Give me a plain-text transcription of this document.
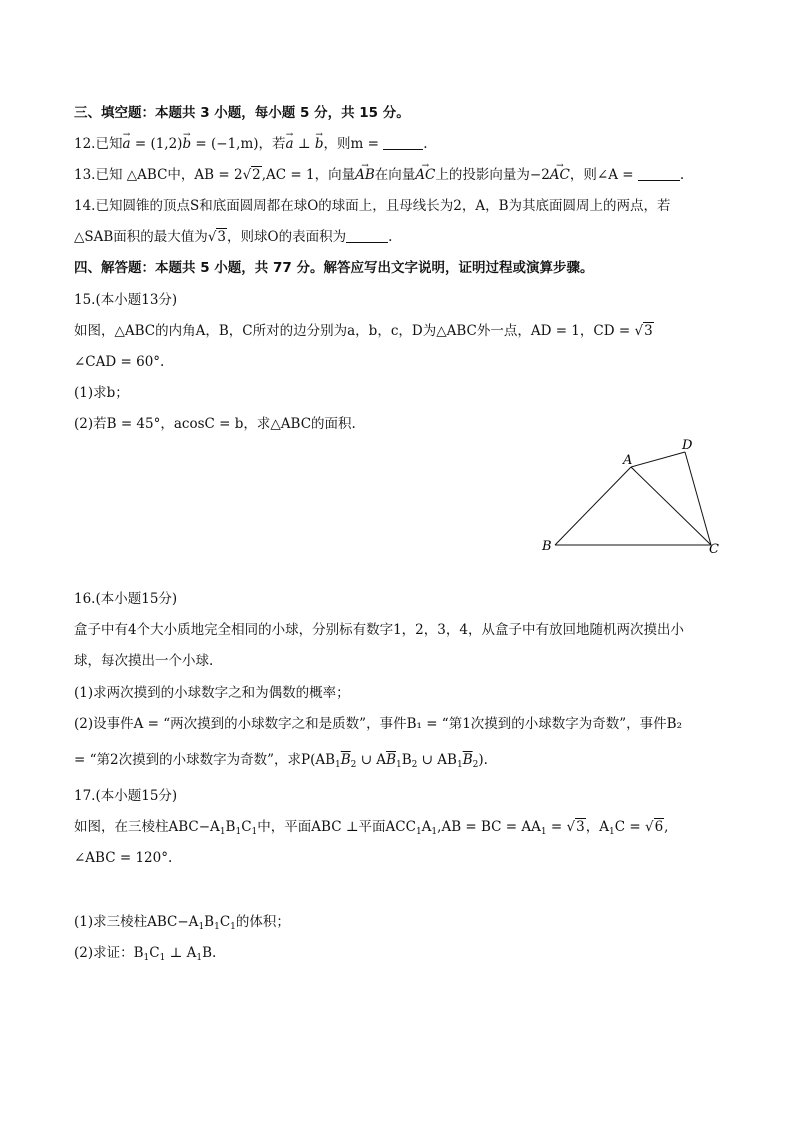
三、填空题：本题共 3 小题，每小题 5 分，共 15 分。
12.已知→ a = (1,2)→ b = (−1,m)，若→ a ⊥ → b，则m =	.
13.已知 △ABC中，AB = 2√2,AC = 1，向量→ AB在向量→ AC上的投影向量为−2→ AC，则∠A =	.
14.已知圆锥的顶点S和底面圆周都在球O的球面上，且母线长为2，A，B为其底面圆周上的两点，若
△SAB面积的最大值为√3，则球O的表面积为	.
四、解答题：本题共 5 小题，共 77 分。解答应写出文字说明，证明过程或演算步骤。
15.(本小题13分)
如图，△ABC的内角A，B，C所对的边分别为a，b，c，D为△ABC外一点，AD = 1，CD = √3
∠CAD = 60°.
(1)求b；
(2)若B = 45°，acosC = b，求△ABC的面积.
A
D
B	C
16.(本小题15分)
盒子中有4个大小质地完全相同的小球，分别标有数字1，2，3，4，从盒子中有放回地随机两次摸出小
球，每次摸出一个小球.
(1)求两次摸到的小球数字之和为偶数的概率；
(2)设事件A = “两次摸到的小球数字之和是质数”，事件B₁ = “第1次摸到的小球数字为奇数”，事件B₂
= “第2次摸到的小球数字为奇数”，求$P(AB_1\overline{B}_2$ ∪ $A\overline{B}_1B_2$ ∪ $AB_1\overline{B}_2$).
17.(本小题15分)
如图，在三棱柱$ABC-A_1B_1C_1$中，平面ABC ⊥平面$ACC_1A_1,AB$ = BC = $AA_1 = √3$，$A_1C = √6$,
∠ABC = 120°.
(1)求三棱柱$ABC-A_1B_1C_1$的体积；
(2)求证：$B_1C_1$ ⊥ $A_1B$.
